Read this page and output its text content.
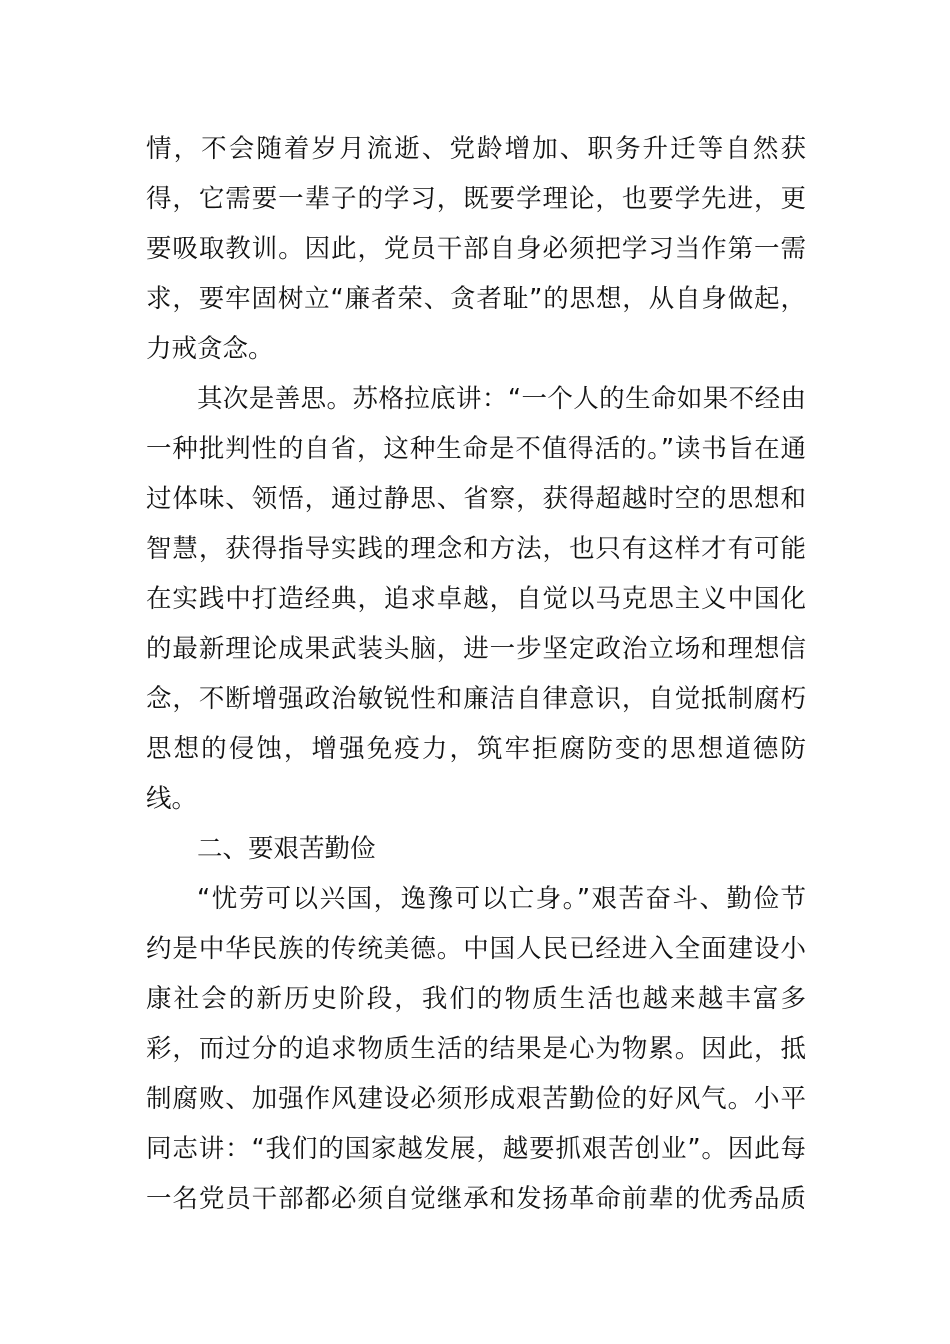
情，不会随着岁月流逝、党龄增加、职务升迁等自然获
得，它需要一辈子的学习，既要学理论，也要学先进，更
要吸取教训。因此，党员干部自身必须把学习当作第一需
求，要牢固树立“廉者荣、贪者耻”的思想，从自身做起，
力戒贪念。
其次是善思。苏格拉底讲：“一个人的生命如果不经由
一种批判性的自省，这种生命是不值得活的。”读书旨在通
过体味、领悟，通过静思、省察，获得超越时空的思想和
智慧，获得指导实践的理念和方法，也只有这样才有可能
在实践中打造经典，追求卓越，自觉以马克思主义中国化
的最新理论成果武装头脑，进一步坚定政治立场和理想信
念，不断增强政治敏锐性和廉洁自律意识，自觉抵制腐朽
思想的侵蚀，增强免疫力，筑牢拒腐防变的思想道德防
线。
二、要艰苦勤俭
“忧劳可以兴国，逸豫可以亡身。”艰苦奋斗、勤俭节
约是中华民族的传统美德。中国人民已经进入全面建设小
康社会的新历史阶段，我们的物质生活也越来越丰富多
彩，而过分的追求物质生活的结果是心为物累。因此，抵
制腐败、加强作风建设必须形成艰苦勤俭的好风气。小平
同志讲：“我们的国家越发展，越要抓艰苦创业”。因此每
一名党员干部都必须自觉继承和发扬革命前辈的优秀品质
